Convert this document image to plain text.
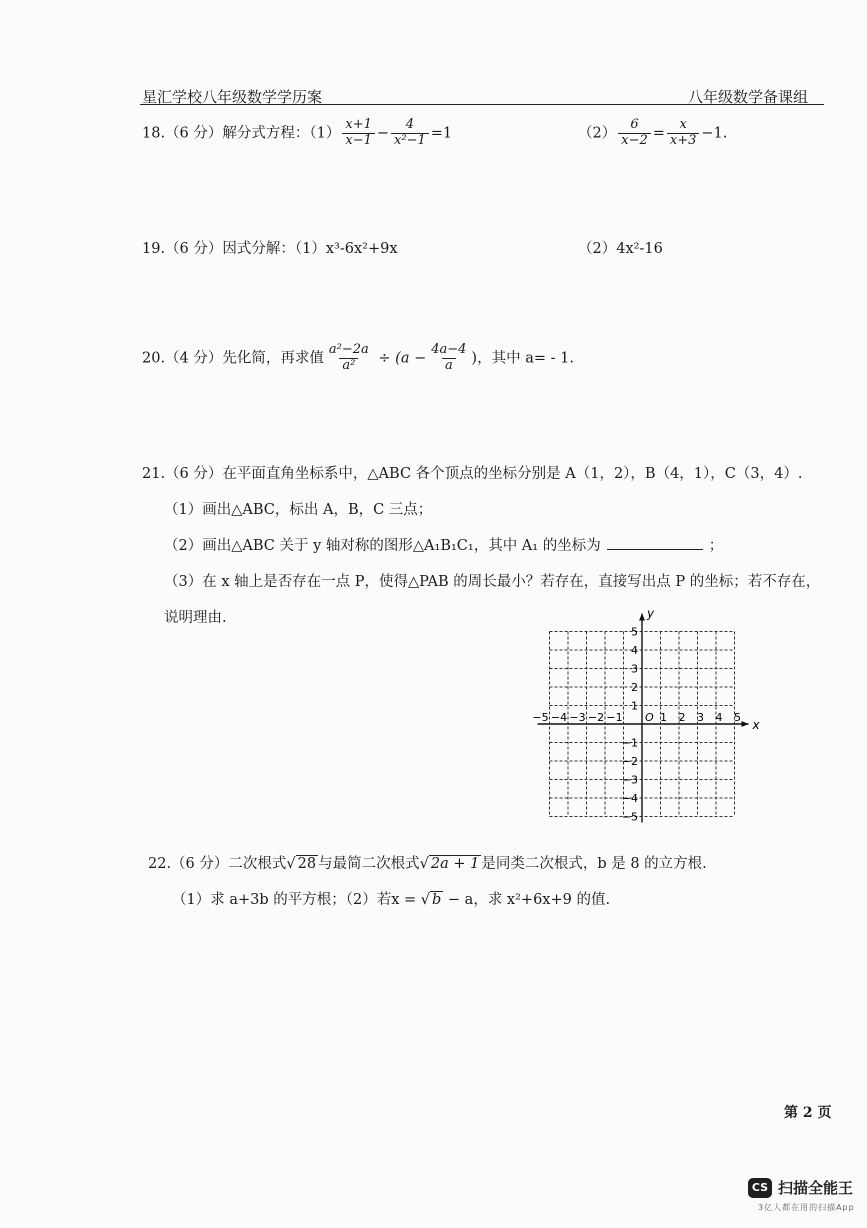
星汇学校八年级数学学历案	八年级数学备课组
18.（6 分）解分式方程：$(1) \frac{x+1}{x-1} - \frac{4}{\text{x²−1}} =1$	$(2) \frac{6}{x-2} = \frac{x}{x+3} -1$.
19.（6 分）因式分解：（1）x³-6x²+9x	（2）4x²-16
20.（4 分）先化简，再求值 $\frac{\text{a²−2a}}{\text{a²}} \div (a - \frac{4a-4}{a}$ )，其中 a= - 1.
21.（6 分）在平面直角坐标系中，△ABC 各个顶点的坐标分别是 A（1，2），B（4，1），C（3，4）.
（1）画出△ABC，标出 A，B，C 三点；
（2）画出△ABC 关于 y 轴对称的图形△A₁B₁C₁，其中 A₁ 的坐标为	；
（3）在 x 轴上是否存在一点 P，使得△PAB 的周长最小？若存在，直接写出点 P 的坐标；若不存在，
说明理由.
x
y
O
−5 −4 −3 −2 −1	1 2 3 4 5
5
4
3
2
1
−1
−2
−3
−4
−5
22.（6 分）二次根式√ 28 与最简二次根式√ 2a + 1 是同类二次根式，b 是 8 的立方根.
（1）求 a+3b 的平方根；（2）若x = √ b − a，求 x²+6x+9 的值.
第 2 页
CS 扫描全能王
3亿人都在用的扫描App
